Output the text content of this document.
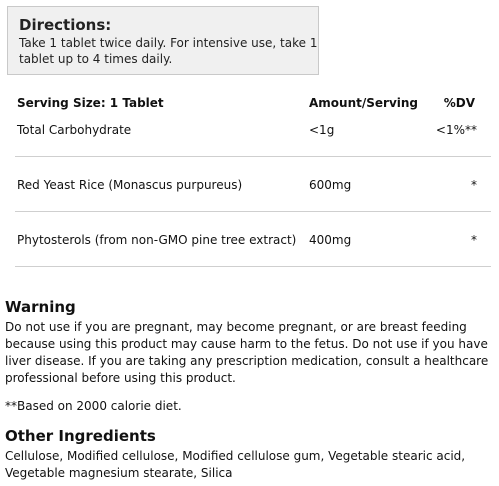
Directions:
Take 1 tablet twice daily. For intensive use, take 1 tablet up to 4 times daily.
Serving Size: 1 Tablet	Amount/Serving %DV
Total Carbohydrate	<1g	<1%**
Red Yeast Rice (Monascus purpureus)	600mg	*
Phytosterols (from non-GMO pine tree extract) 400mg	*
Warning
Do not use if you are pregnant, may become pregnant, or are breast feeding because using this product may cause harm to the fetus. Do not use if you have liver disease. If you are taking any prescription medication, consult a healthcare professional before using this product.
**Based on 2000 calorie diet.
Other Ingredients
Cellulose, Modified cellulose, Modified cellulose gum, Vegetable stearic acid, Vegetable magnesium stearate, Silica
